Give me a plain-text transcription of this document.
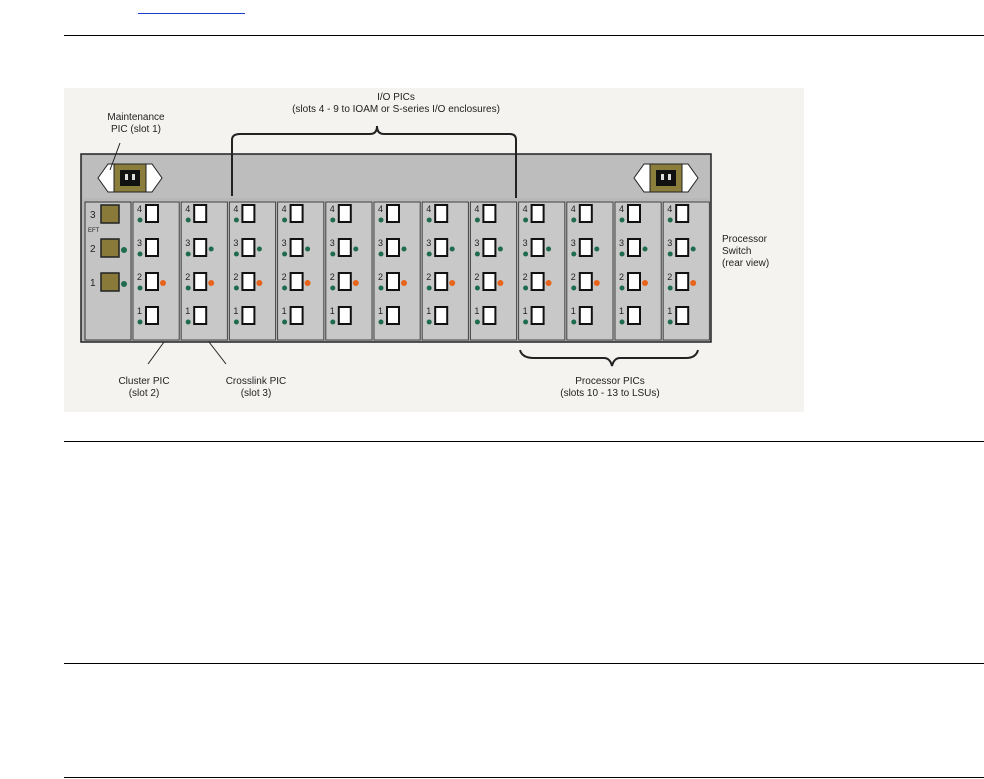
3
2
1
EFT
4
3
2
1
4
3
2
1
4
3
2
1
4
3
2
1
4
3
2
1
4
3
2
1
4
3
2
1
4
3
2
1
4
3
2
1
4
3
2
1
4
3
2
1
4
3
2
1
Maintenance
PIC (slot 1)
I/O PICs
(slots 4 - 9 to IOAM or S-series I/O enclosures)
Processor
Switch
(rear view)
Cluster PIC
(slot 2)
Crosslink PIC
(slot 3)
Processor PICs
(slots 10 - 13 to LSUs)
